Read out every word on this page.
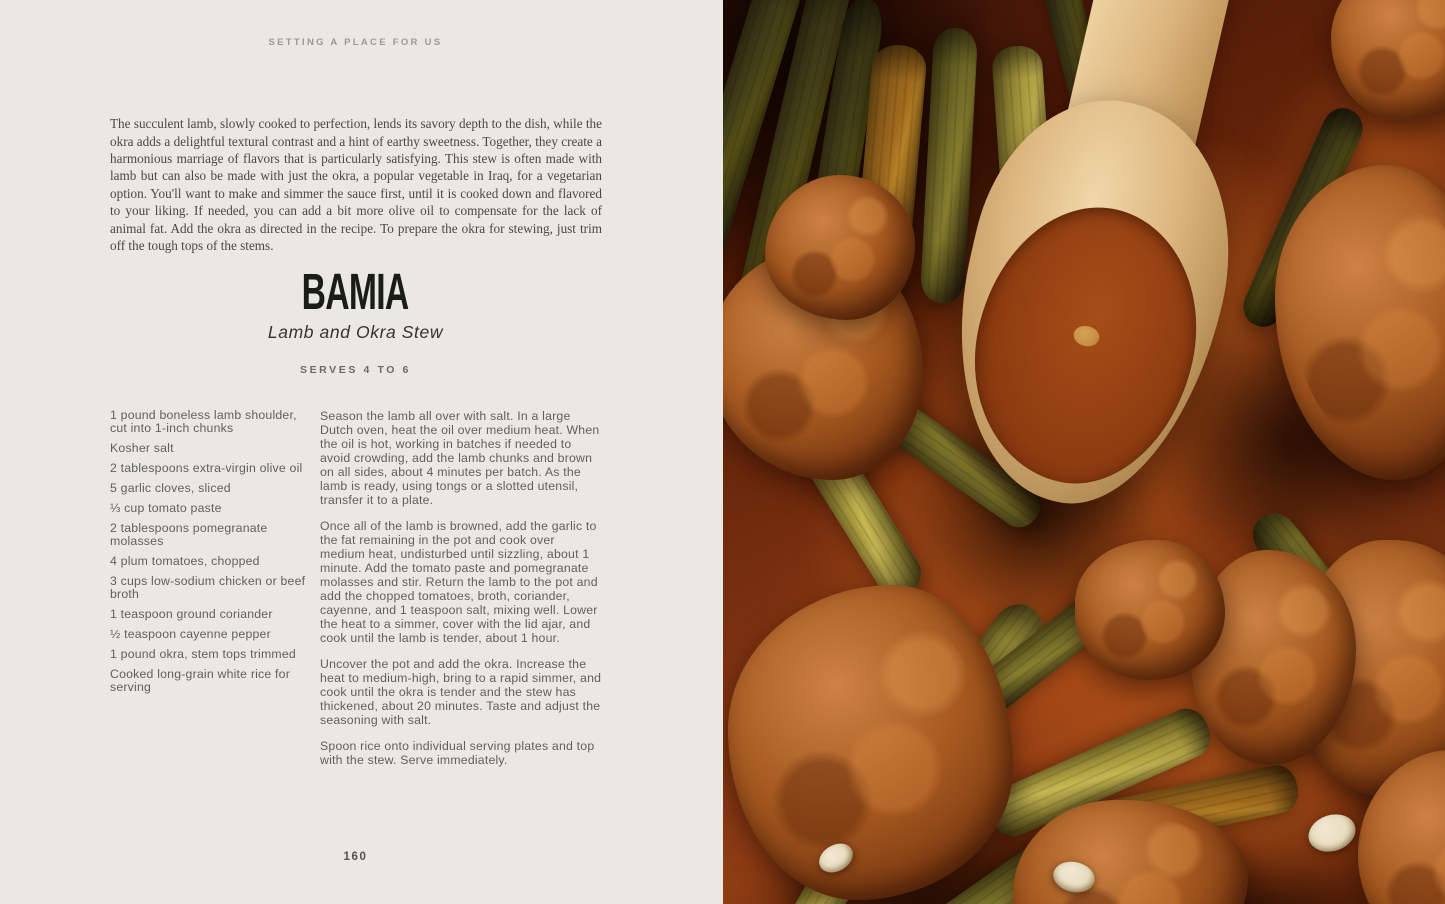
SETTING A PLACE FOR US

The succulent lamb, slowly cooked to perfection, lends its savory depth to the dish, while the okra adds a delightful textural contrast and a hint of earthy sweetness. Together, they create a harmonious marriage of flavors that is particularly satisfying. This stew is often made with lamb but can also be made with just the okra, a popular vegetable in Iraq, for a vegetarian option. You'll want to make and simmer the sauce first, until it is cooked down and flavored to your liking. If needed, you can add a bit more olive oil to compensate for the lack of animal fat. Add the okra as directed in the recipe. To prepare the okra for stewing, just trim off the tough tops of the stems.

BAMIA
Lamb and Okra Stew
SERVES 4 TO 6

1 pound boneless lamb shoulder, cut into 1-inch chunks

Kosher salt

2 tablespoons extra-virgin olive oil

5 garlic cloves, sliced

⅓ cup tomato paste

2 tablespoons pomegranate molasses

4 plum tomatoes, chopped

3 cups low-sodium chicken or beef broth

1 teaspoon ground coriander

½ teaspoon cayenne pepper

1 pound okra, stem tops trimmed

Cooked long-grain white rice for serving

Season the lamb all over with salt. In a large Dutch oven, heat the oil over medium heat. When the oil is hot, working in batches if needed to avoid crowding, add the lamb chunks and brown on all sides, about 4 minutes per batch. As the lamb is ready, using tongs or a slotted utensil, transfer it to a plate.

Once all of the lamb is browned, add the garlic to the fat remaining in the pot and cook over medium heat, undisturbed until sizzling, about 1 minute. Add the tomato paste and pomegranate molasses and stir. Return the lamb to the pot and add the chopped tomatoes, broth, coriander, cayenne, and 1 teaspoon salt, mixing well. Lower the heat to a simmer, cover with the lid ajar, and cook until the lamb is tender, about 1 hour.

Uncover the pot and add the okra. Increase the heat to medium-high, bring to a rapid simmer, and cook until the okra is tender and the stew has thickened, about 20 minutes. Taste and adjust the seasoning with salt.

Spoon rice onto individual serving plates and top with the stew. Serve immediately.

160
